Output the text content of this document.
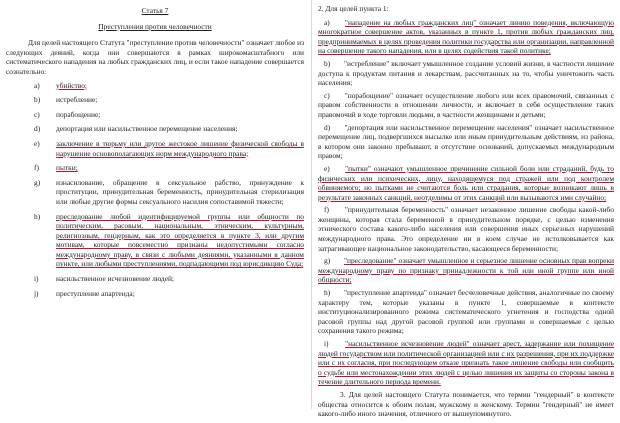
Статья 7
Преступления против человечности

Для целей настоящего Статута "преступление против человечности" означает любое из следующих деяний, когда они совершаются в рамках широкомасштабного или систематического нападения на любых гражданских лиц, и если такое нападение совершается сознательно:

a)	убийство;
b)	истребление;
c)	порабощение;
d)	депортация или насильственное перемещение населения;
e)	заключение в тюрьму или другое жестокое лишение физической свободы в нарушение основополагающих норм международного права;
f)	пытки;
g)	изнасилование, обращение в сексуальное рабство, принуждение к проституции, принудительная беременность, принудительная стерилизация или любые другие формы сексуального насилия сопоставимой тяжести;
h)	преследование любой идентифицируемой группы или общности по политическим, расовым, национальным, этническим, культурным, религиозным, гендерным, как это определяется в пункте 3, или другим мотивам, которые повсеместно признаны недопустимыми согласно международному праву, в связи с любыми деяниями, указанными в данном пункте, или любыми преступлениями, подпадающими под юрисдикцию Суда;
i)	насильственное исчезновение людей;
j)	преступление апартеида;

2. Для целей пункта 1:

a) "нападение на любых гражданских лиц" означает линию поведения, включающую многократное совершение актов, указанных в пункте 1, против любых гражданских лиц, предпринимаемых в целях проведения политики государства или организации, направленной на совершение такого нападения, или в целях содействия такой политике;
b) "истребление" включает умышленное создание условий жизни, в частности лишение доступа к продуктам питания и лекарствам, рассчитанных на то, чтобы уничтожить часть населения;
c) "порабощение" означает осуществление любого или всех правомочий, связанных с правом собственности в отношении личности, и включает в себя осуществление таких правомочий в ходе торговли людьми, в частности женщинами и детьми;
d) "депортация или насильственное перемещение населения" означает насильственное перемещение лиц, подвергшихся высылке или иным принудительным действиям, из района, в котором они законно пребывают, в отсутствие оснований, допускаемых международным правом;
e) "пытки" означают умышленное причинение сильной боли или страданий, будь то физических или психических, лицу, находящемуся под стражей или под контролем обвиняемого; но пытками не считаются боль или страдания, которые возникают лишь в результате законных санкций, неотделимы от этих санкций или вызываются ими случайно;
f) "принудительная беременность" означает незаконное лишение свободы какой-либо женщины, которая стала беременной в принудительном порядке, с целью изменения этнического состава какого-либо населения или совершения иных серьезных нарушений международного права. Это определение ни в коем случае не истолковывается как затрагивающее национальное законодательство, касающееся беременности;
g) "преследование" означает умышленное и серьезное лишение основных прав вопреки международному праву по признаку принадлежности к той или иной группе или иной общности;
h) "преступление апартеида" означает бесчеловечные действия, аналогичные по своему характеру тем, которые указаны в пункте 1, совершаемые в контексте институционализированного режима систематического угнетения и господства одной расовой группы над другой расовой группой или группами и совершаемые с целью сохранения такого режима;
i) "насильственное исчезновение людей" означает арест, задержание или похищение людей государством или политической организацией или с их разрешения, при их поддержке или с их согласия, при последующем отказе признать такое лишение свободы или сообщить о судьбе или местонахождении этих людей с целью лишения их защиты со стороны закона в течение длительного периода времени.

3. Для целей настоящего Статута понимается, что термин "гендерный" в контексте общества относится к обоим полам, мужскому и женскому. Термин "гендерный" не имеет какого-либо иного значения, отличного от вышеупомянутого.
